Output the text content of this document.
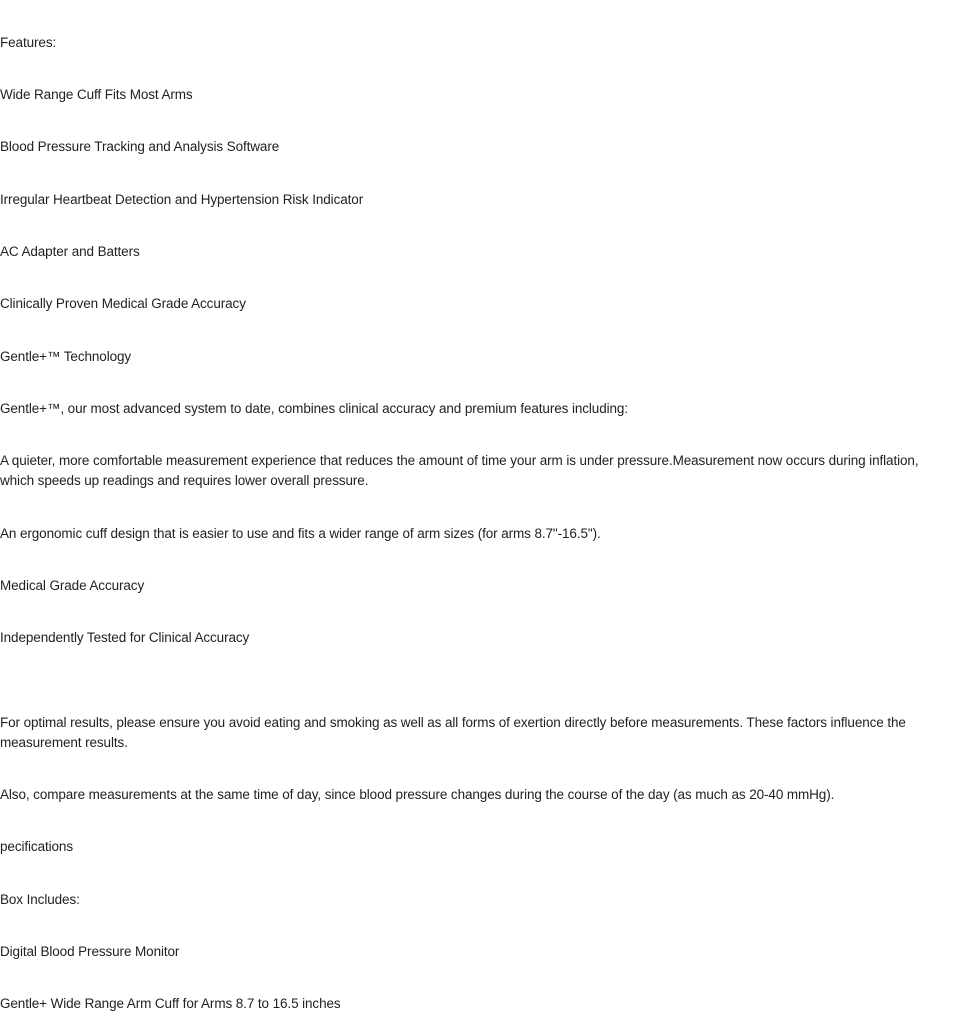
Features:

Wide Range Cuff Fits Most Arms

Blood Pressure Tracking and Analysis Software

Irregular Heartbeat Detection and Hypertension Risk Indicator

AC Adapter and Batters

Clinically Proven Medical Grade Accuracy

Gentle+™ Technology

Gentle+™, our most advanced system to date, combines clinical accuracy and premium features including:

A quieter, more comfortable measurement experience that reduces the amount of time your arm is under pressure.Measurement now occurs during inflation, which speeds up readings and requires lower overall pressure.

An ergonomic cuff design that is easier to use and fits a wider range of arm sizes (for arms 8.7"-16.5").

Medical Grade Accuracy

Independently Tested for Clinical Accuracy

For optimal results, please ensure you avoid eating and smoking as well as all forms of exertion directly before measurements. These factors influence the measurement results.

Also, compare measurements at the same time of day, since blood pressure changes during the course of the day (as much as 20-40 mmHg).

pecifications

Box Includes:

Digital Blood Pressure Monitor

Gentle+ Wide Range Arm Cuff for Arms 8.7 to 16.5 inches
